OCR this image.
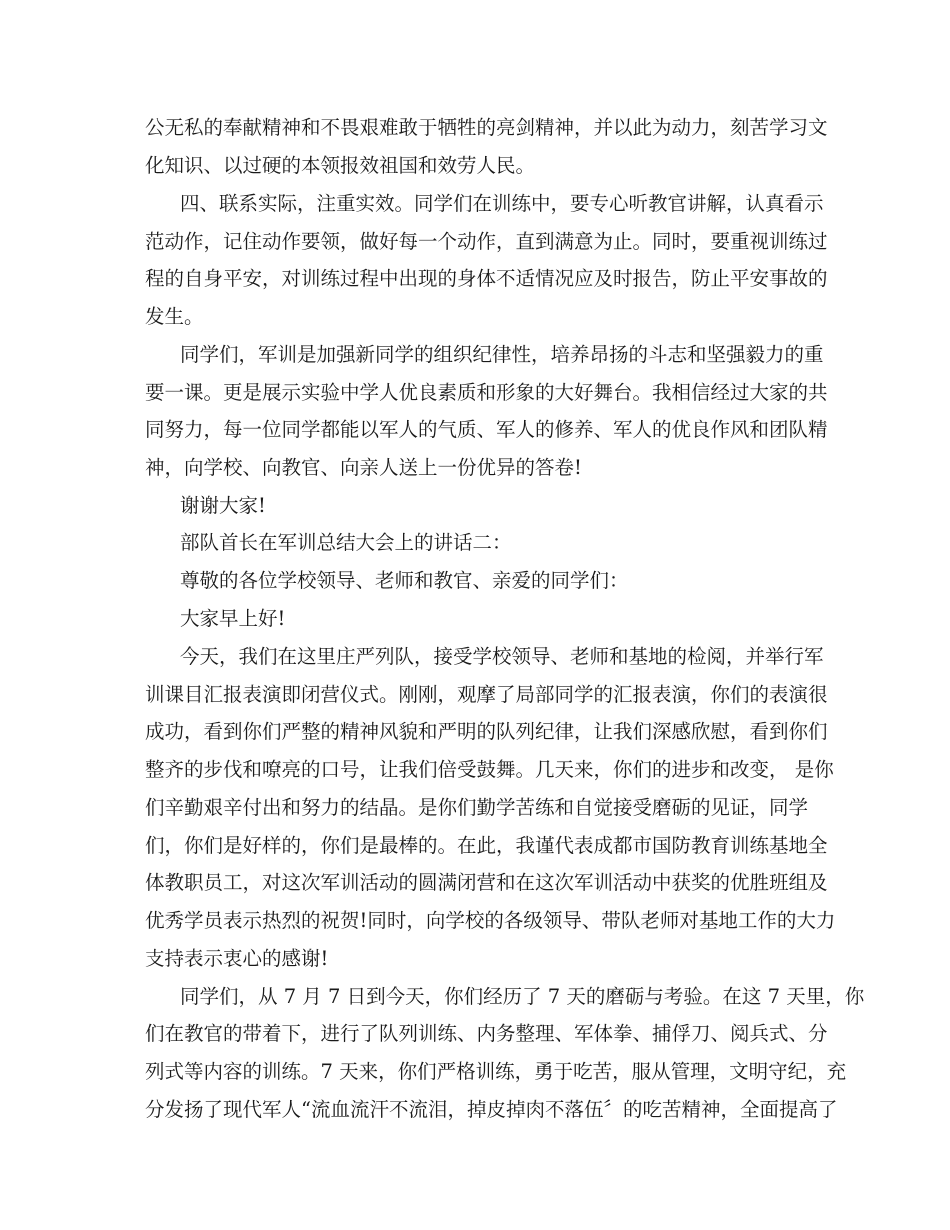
公无私的奉献精神和不畏艰难敢于牺牲的亮剑精神，并以此为动力，刻苦学习文
化知识、以过硬的本领报效祖国和效劳人民。
四、联系实际，注重实效。同学们在训练中，要专心听教官讲解，认真看示
范动作，记住动作要领，做好每一个动作，直到满意为止。同时，要重视训练过
程的自身平安，对训练过程中出现的身体不适情况应及时报告，防止平安事故的
发生。
同学们，军训是加强新同学的组织纪律性，培养昂扬的斗志和坚强毅力的重
要一课。更是展示实验中学人优良素质和形象的大好舞台。我相信经过大家的共
同努力，每一位同学都能以军人的气质、军人的修养、军人的优良作风和团队精
神，向学校、向教官、向亲人送上一份优异的答卷!
谢谢大家!
部队首长在军训总结大会上的讲话二：
尊敬的各位学校领导、老师和教官、亲爱的同学们：
大家早上好!
今天，我们在这里庄严列队，接受学校领导、老师和基地的检阅，并举行军
训课目汇报表演即闭营仪式。刚刚，观摩了局部同学的汇报表演，你们的表演很
成功，看到你们严整的精神风貌和严明的队列纪律，让我们深感欣慰，看到你们
整齐的步伐和嘹亮的口号，让我们倍受鼓舞。几天来，你们的进步和改变， 是你
们辛勤艰辛付出和努力的结晶。是你们勤学苦练和自觉接受磨砺的见证，同学
们，你们是好样的，你们是最棒的。在此，我谨代表成都市国防教育训练基地全
体教职员工，对这次军训活动的圆满闭营和在这次军训活动中获奖的优胜班组及
优秀学员表示热烈的祝贺!同时，向学校的各级领导、带队老师对基地工作的大力
支持表示衷心的感谢!
同学们，从 7 月 7 日到今天，你们经历了 7 天的磨砺与考验。在这 7 天里，你
们在教官的带着下，进行了队列训练、内务整理、军体拳、捕俘刀、阅兵式、分
列式等内容的训练。7 天来，你们严格训练，勇于吃苦，服从管理，文明守纪，充
分发扬了现代军人“流血流汗不流泪，掉皮掉肉不落伍〞的吃苦精神，全面提高了
